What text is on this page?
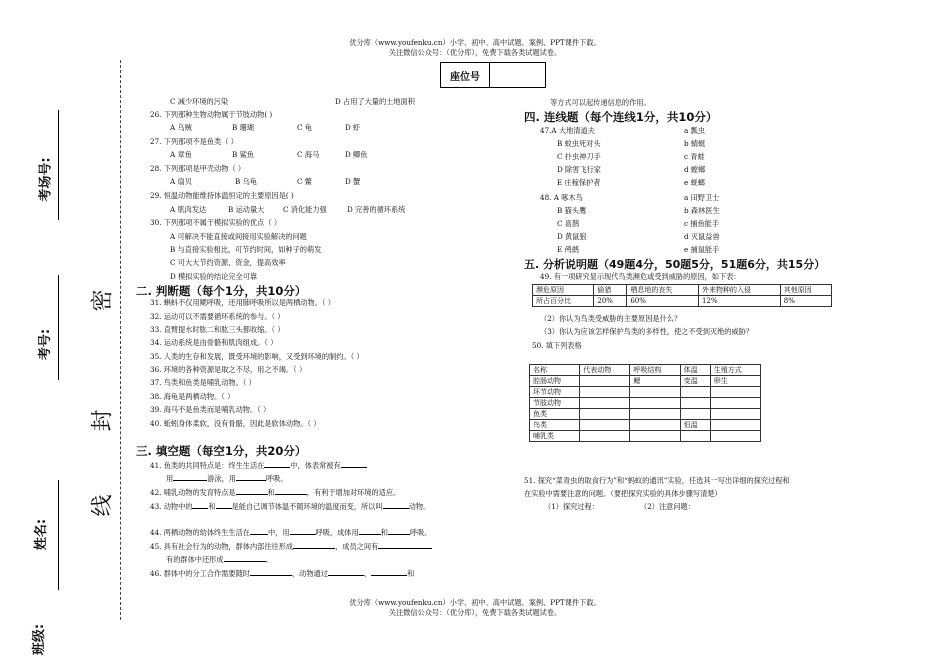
优分库（www.youfenku.cn）小学、初中、高中试题、案例、PPT课件下载。
关注微信公众号：（优分库），免费下载各类试题试卷。
座位号
考场号:
考号:
姓名:
班级:
密
封
线
C 减少环境的污染	D 占用了大量的土地面积
26. 下列那种生物动物属于节肢动物( )
A 乌贼	B 珊瑚	C 龟	D 虾
27. 下列那项不是鱼类（ ）
A 章鱼	B 鲨鱼	C 海马	D 鲫鱼
28. 下列那项是甲壳动物（ ）
A 扇贝	B 乌龟	C 鳖	D 蟹
29. 恒温动物能维持体温恒定的主要原因是( )
A 肌肉发达	B 运动量大	C 消化能力强	D 完善的循环系统
30. 下列那项不属于模拟实验的优点（ ）
A 可解决不能直接或间接用实验解决的问题
B 与直接实验相比，可节约时间，如种子的萌发
C 可大大节约资源，资金，提高效率
D 模拟实验的结论完全可靠
二. 判断题（每个1分，共10分）
31. 蝌蚪不仅用鳃呼吸，还用肺呼吸所以是两栖动物。（ ）
32. 运动可以不需要循环系统的参与。（ ）
33. 直臂提水时肱二和肱三头都收缩。（ ）
34. 运动系统是由骨骼和肌肉组成。（ ）
35. 人类的生存和发展，既受环境的影响，又受到环境的制约。（ ）
36. 环境的各种资源是取之不尽，用之不竭。（ ）
37. 鸟类和鱼类是哺乳动物。（ ）
38. 海龟是两栖动物。（ ）
39. 海马不是鱼类而是哺乳动物。（ ）
40. 蚯蚓身体柔软，没有骨骼，因此是软体动物。（ ）
三. 填空题（每空1分，共20分）
41. 鱼类的共同特点是：终生生活在	中，体表常被有
用	游泳，用	呼吸。
42. 哺乳动物的发育特点是	和	，有利于增加对环境的适应。
43. 动物中的 和 是能自己调节体温不随环境的温度而变，所以叫	动物。
44. 两栖动物的幼体终生生活在	中，用	呼吸，成体用	和	呼吸。
45. 具有社会行为的动物，群体内部往往形成	，成员之间有
有的群体中还形成	。
46. 群体中的分工合作需要随时	，动物通过	、	和
等方式可以起传递信息的作用。
四. 连线题（每个连线1分，共10分）
47.A 大地清道夫
B 蚊虫死对头
C 扑虫神刀手
D 除害飞行家
E 庄稼保护者
a 瓢虫
b 蜻蜓
c 青蛙
d 螳螂
e 蜣螂
48. A 啄木鸟
B 猫头鹰
C 喜鹊
D 黄鼠狼
E 鸬鹚
a 田野卫士
b 森林医生
c 捕鱼能手
d 灭鼠益兽
e 捕鼠能手
五. 分析说明题（49题4分，50题5分，51题6分，共15分）
49. 有一项研究显示现代鸟类濒危或受到威胁的原因，如下表：
濒危原因	偷猎	栖息地的丧失	外来物种的入侵	其他原因
所占百分比	20%	60%	12%	8%
（2）你认为鸟类受威胁的主要原因是什么？
（3）你认为应该怎样保护鸟类的多样性，使之不受到灭绝的威胁？
50. 填下列表格
名称	代表动物	呼吸结构	体温	生殖方式
腔肠动物		鳃	变温	卵生
环节动物				
节肢动物				
鱼类				
鸟类			恒温	
哺乳类				
51. 探究“菜青虫的取食行为”和“蚂蚁的通讯”实验，任选其一写出详细的探究过程和
在实验中需要注意的问题。（要把探究实验的具体步骤写清楚）
（1）探究过程：	（2）注意问题：
优分库（www.youfenku.cn）小学、初中、高中试题、案例、PPT课件下载。
关注微信公众号：（优分库），免费下载各类试题试卷。
